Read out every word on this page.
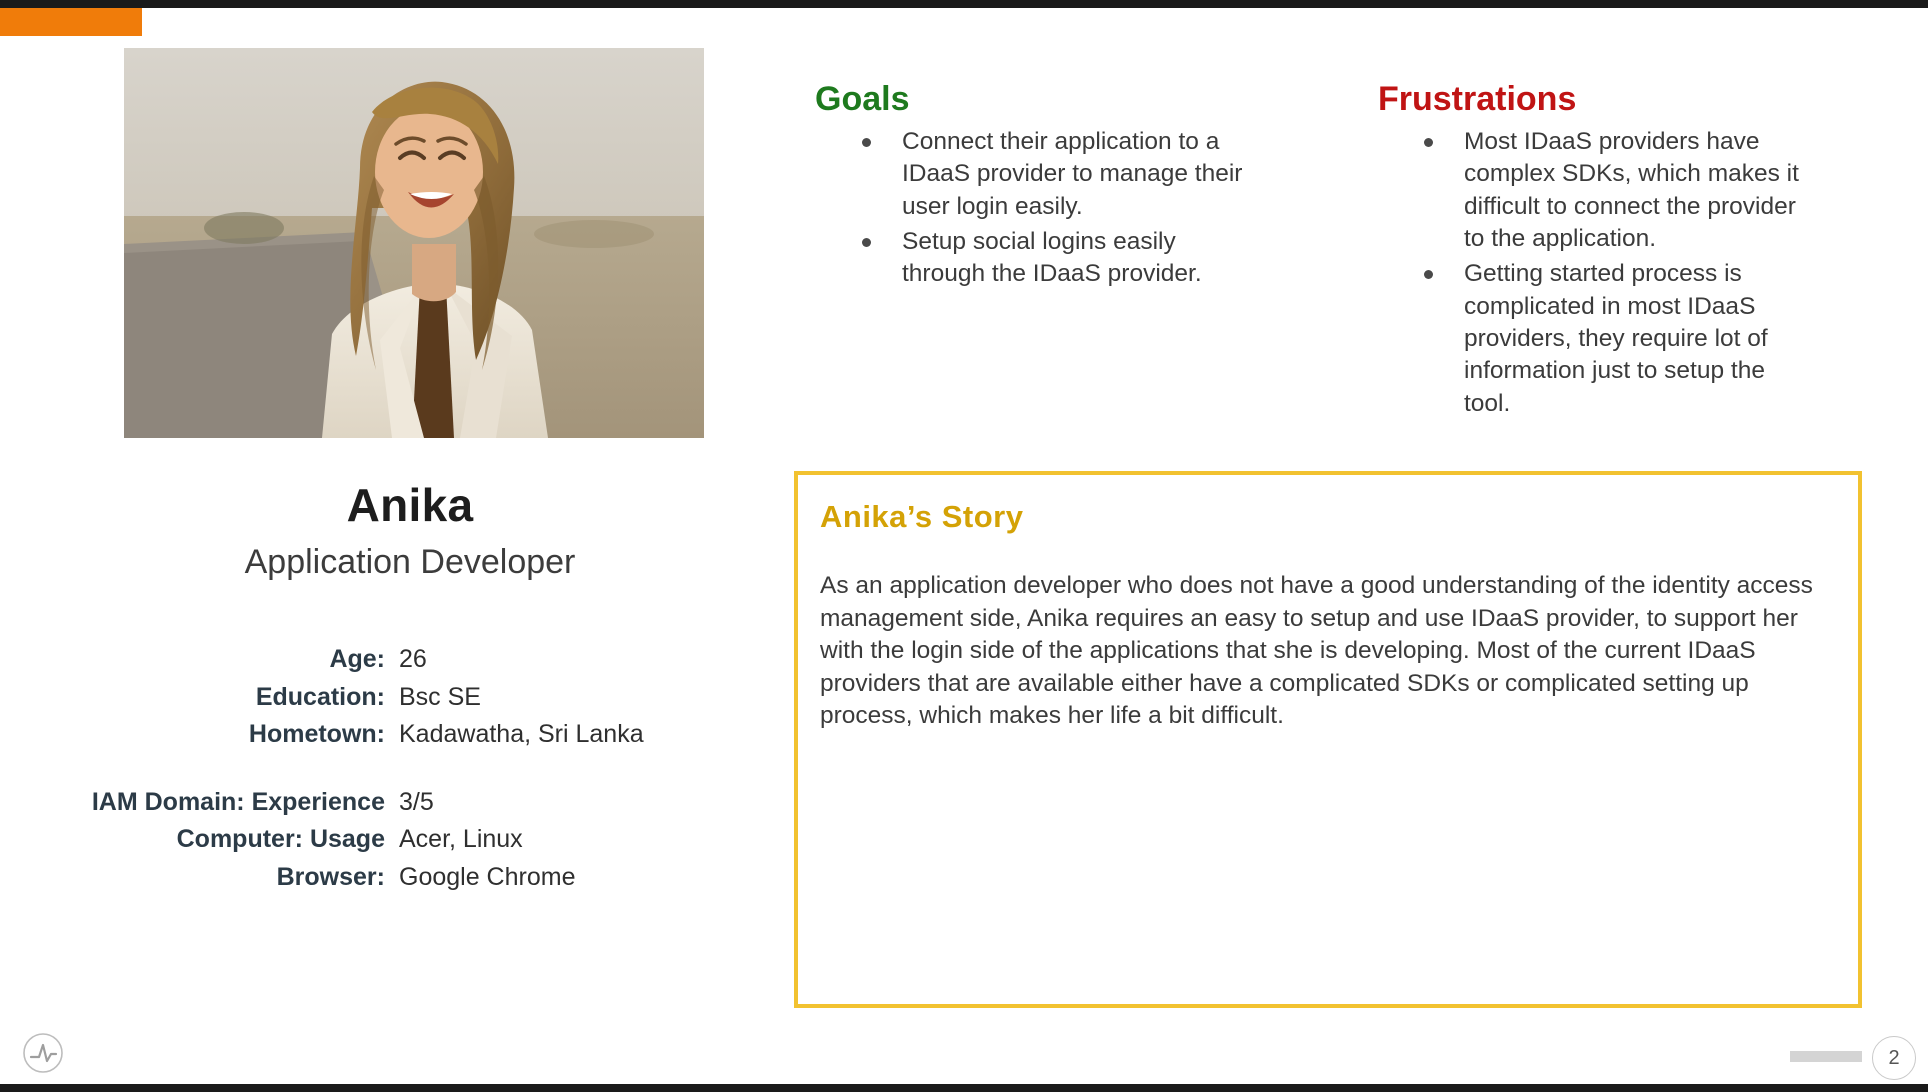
Anika
Application Developer
Age: 26
Education: Bsc SE
Hometown: Kadawatha, Sri Lanka
IAM Domain: Experience 3/5
Computer: Usage Acer, Linux
Browser: Google Chrome
Goals
Connect their application to a IDaaS provider to manage their user login easily.
Setup social logins easily through the IDaaS provider.
Frustrations
Most IDaaS providers have complex SDKs, which makes it difficult to connect the provider to the application.
Getting started process is complicated in most IDaaS providers, they require lot of information just to setup the tool.
Anika’s Story
As an application developer who does not have a good understanding of the identity access management side, Anika requires an easy to setup and use IDaaS provider, to support her with the login side of the applications that she is developing. Most of the current IDaaS providers that are available either have a complicated SDKs or complicated setting up process, which makes her life a bit difficult.
2
